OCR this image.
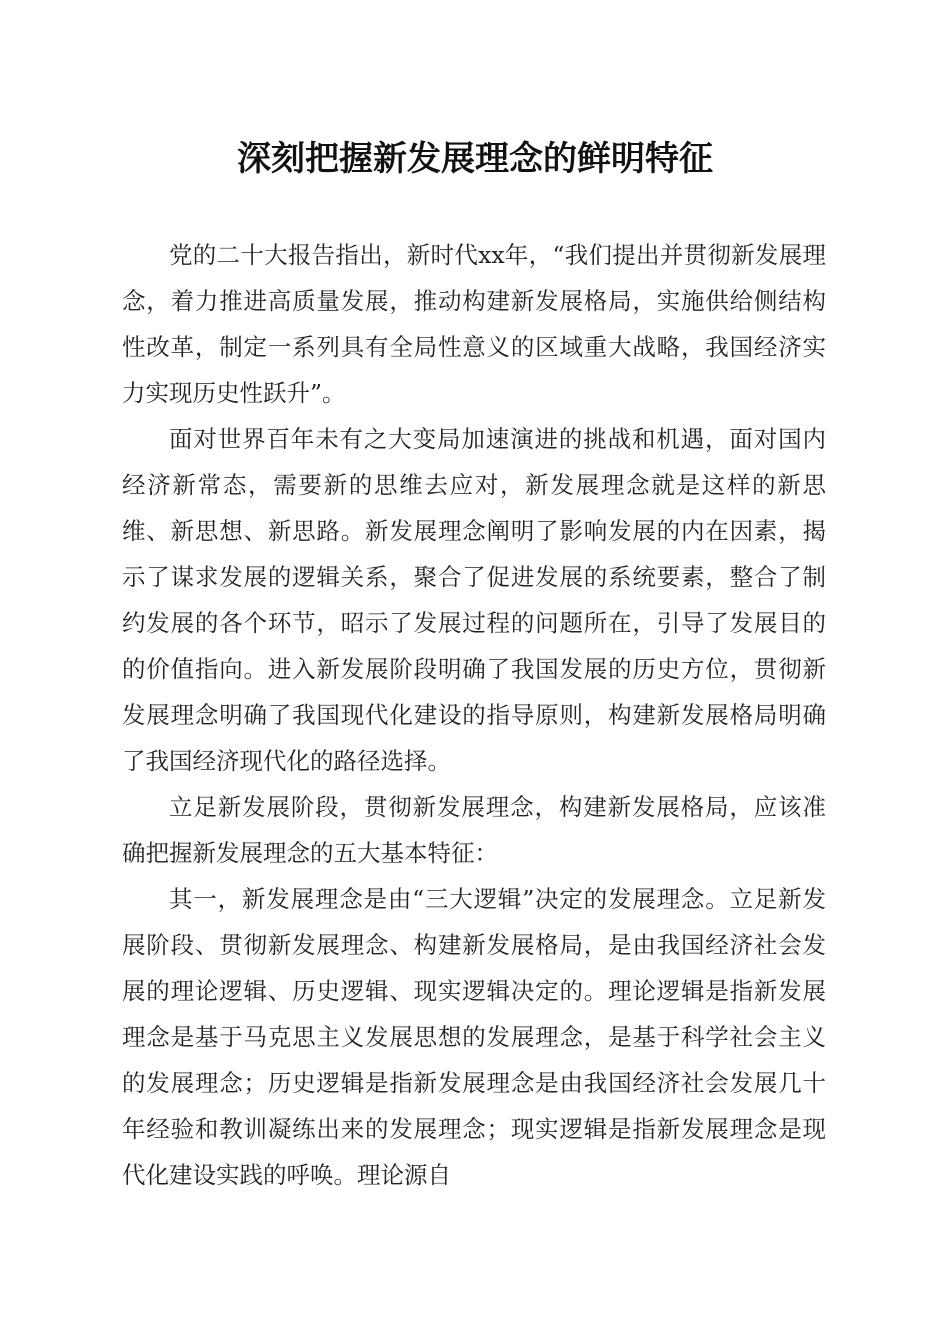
深刻把握新发展理念的鲜明特征

党的二十大报告指出，新时代xx年，“我们提出并贯彻新发展理念，着力推进高质量发展，推动构建新发展格局，实施供给侧结构性改革，制定一系列具有全局性意义的区域重大战略，我国经济实力实现历史性跃升”。

面对世界百年未有之大变局加速演进的挑战和机遇，面对国内经济新常态，需要新的思维去应对，新发展理念就是这样的新思维、新思想、新思路。新发展理念阐明了影响发展的内在因素，揭示了谋求发展的逻辑关系，聚合了促进发展的系统要素，整合了制约发展的各个环节，昭示了发展过程的问题所在，引导了发展目的的价值指向。进入新发展阶段明确了我国发展的历史方位，贯彻新发展理念明确了我国现代化建设的指导原则，构建新发展格局明确了我国经济现代化的路径选择。

立足新发展阶段，贯彻新发展理念，构建新发展格局，应该准确把握新发展理念的五大基本特征：

其一，新发展理念是由“三大逻辑”决定的发展理念。立足新发展阶段、贯彻新发展理念、构建新发展格局，是由我国经济社会发展的理论逻辑、历史逻辑、现实逻辑决定的。理论逻辑是指新发展理念是基于马克思主义发展思想的发展理念，是基于科学社会主义的发展理念；历史逻辑是指新发展理念是由我国经济社会发展几十年经验和教训凝练出来的发展理念；现实逻辑是指新发展理念是现代化建设实践的呼唤。理论源自
